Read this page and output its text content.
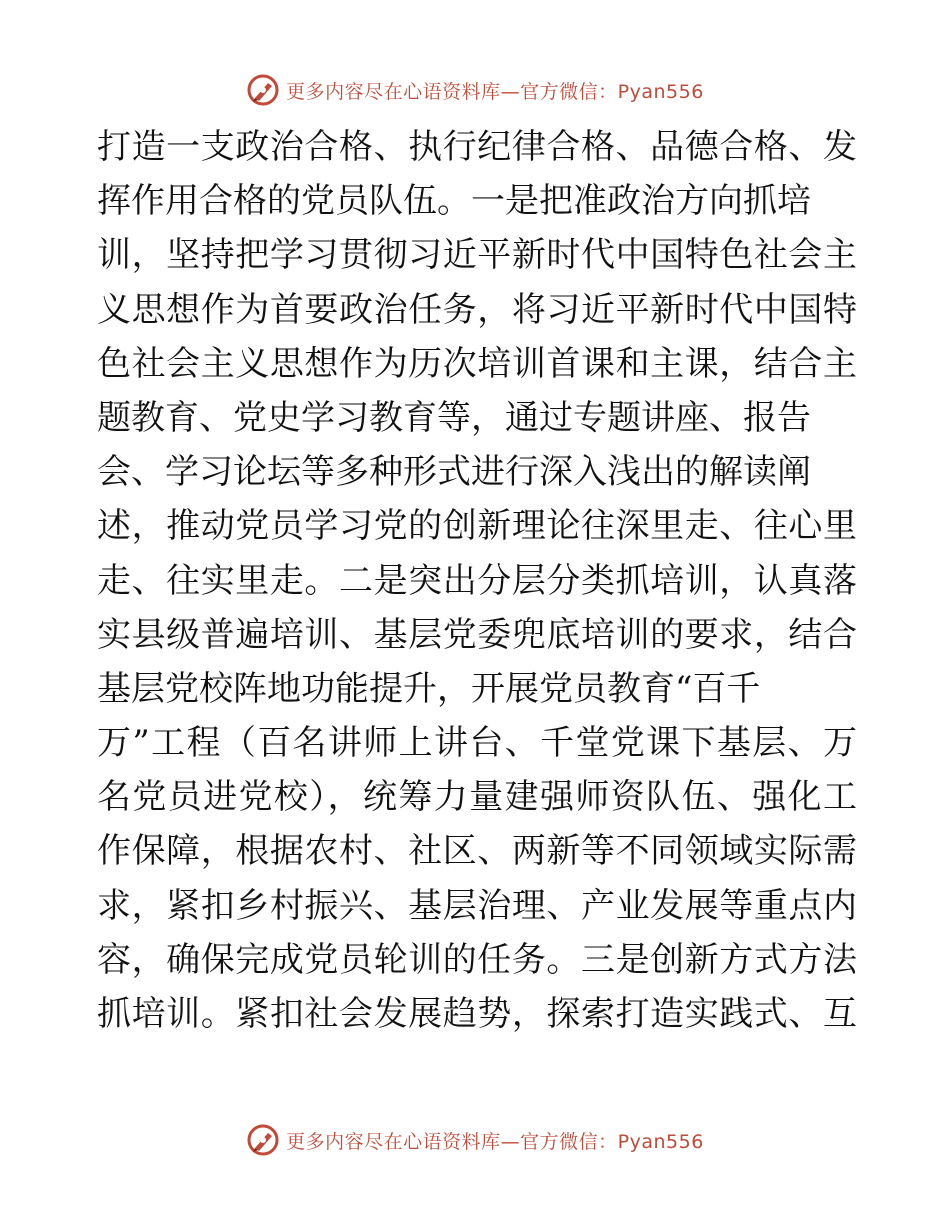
更多内容尽在心语资料库—官方微信：Pyan556
打造一支政治合格、执行纪律合格、品德合格、发
挥作用合格的党员队伍。一是把准政治方向抓培
训，坚持把学习贯彻习近平新时代中国特色社会主
义思想作为首要政治任务，将习近平新时代中国特
色社会主义思想作为历次培训首课和主课，结合主
题教育、党史学习教育等，通过专题讲座、报告
会、学习论坛等多种形式进行深入浅出的解读阐
述，推动党员学习党的创新理论往深里走、往心里
走、往实里走。二是突出分层分类抓培训，认真落
实县级普遍培训、基层党委兜底培训的要求，结合
基层党校阵地功能提升，开展党员教育“百千
万”工程（百名讲师上讲台、千堂党课下基层、万
名党员进党校），统筹力量建强师资队伍、强化工
作保障，根据农村、社区、两新等不同领域实际需
求，紧扣乡村振兴、基层治理、产业发展等重点内
容，确保完成党员轮训的任务。三是创新方式方法
抓培训。紧扣社会发展趋势，探索打造实践式、互
更多内容尽在心语资料库—官方微信：Pyan556
